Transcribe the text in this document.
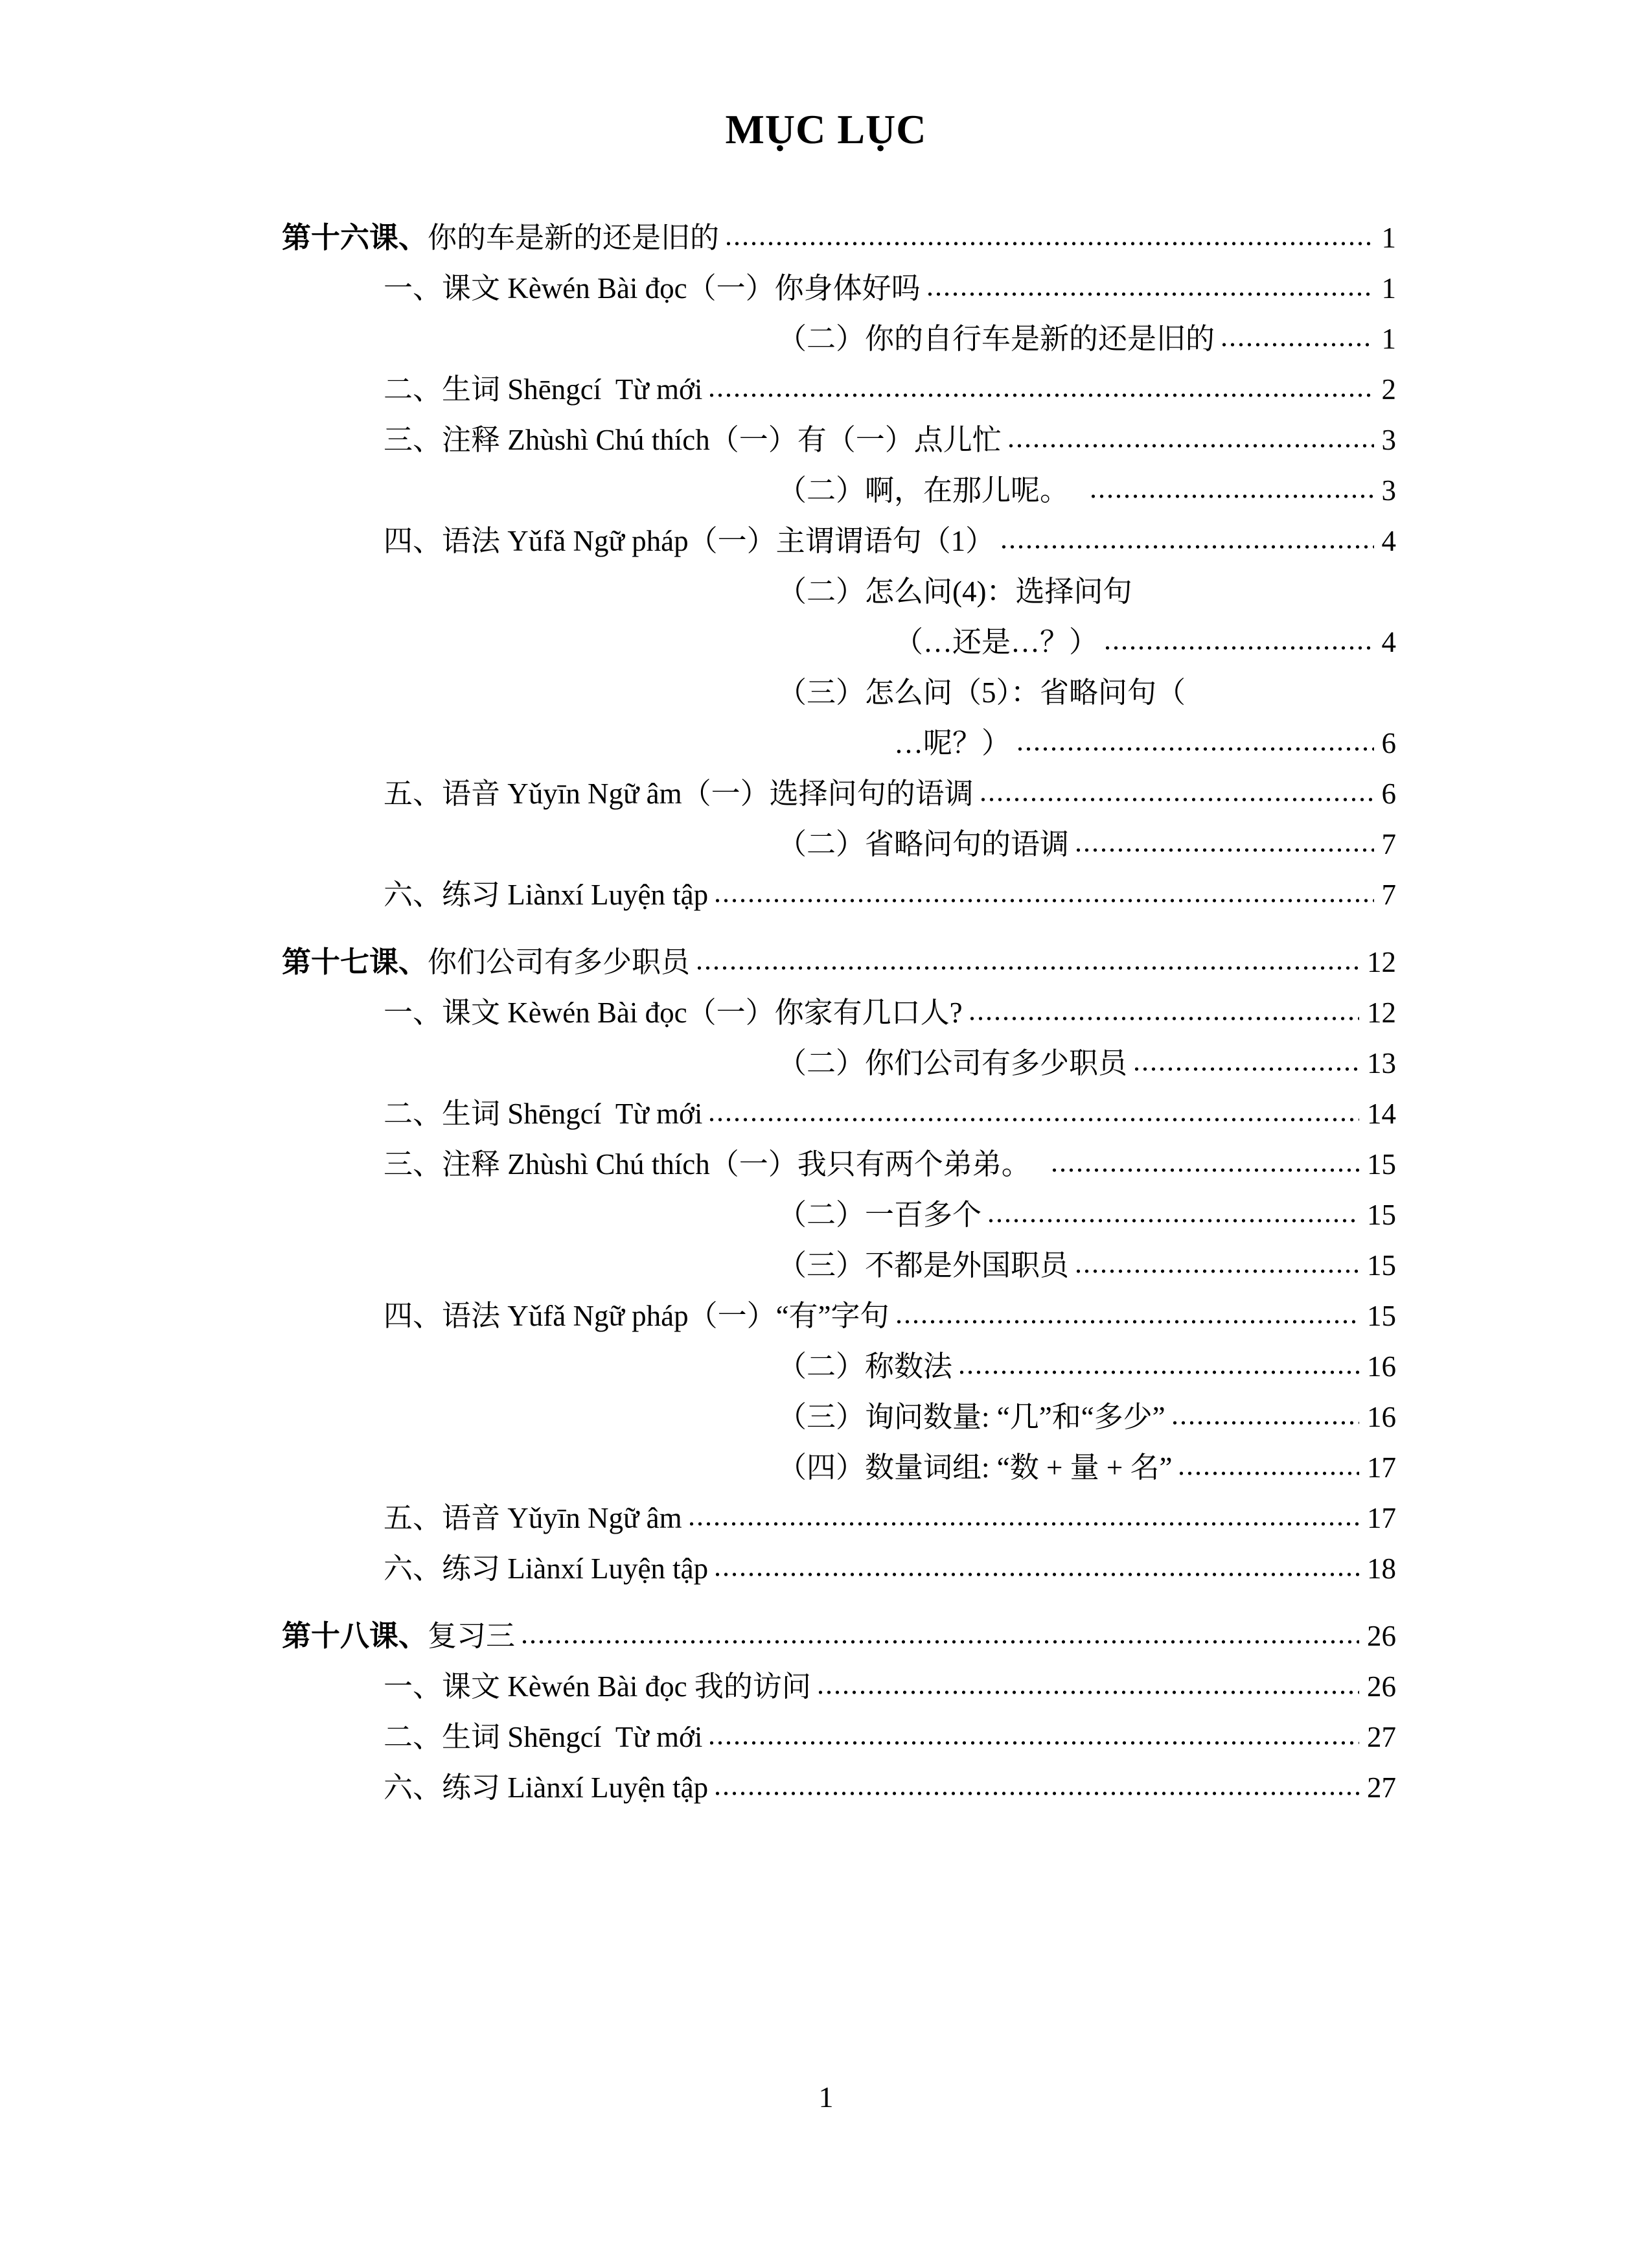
MỤC LỤC
第十六课、 你的车是新的还是旧的	1
一、课文 Kèwén Bài đọc（一）你身体好吗	1
（二）你的自行车是新的还是旧的	1
二、生词 Shēngcí  Từ mới	2
三、注释 Zhùshì Chú thích（一）有（一）点儿忙	3
（二）啊，在那儿呢。　	3
四、语法 Yǔfǎ Ngữ pháp（一）主谓谓语句（1）	4
（二）怎么问(4)：选择问句
（…还是…？）	4
（三）怎么问（5）：省略问句（
…呢？）	6
五、语音 Yǔyīn Ngữ âm（一）选择问句的语调	6
（二）省略问句的语调	7
六、练习 Liànxí Luyện tập	7
第十七课、 你们公司有多少职员	12
一、课文 Kèwén Bài đọc（一）你家有几口人?	12
（二）你们公司有多少职员	13
二、生词 Shēngcí  Từ mới	14
三、注释 Zhùshì Chú thích（一）我只有两个弟弟。　	15
（二）一百多个	15
（三）不都是外国职员	15
四、语法 Yǔfǎ Ngữ pháp（一）“有”字句	15
（二）称数法	16
（三）询问数量: “几”和“多少”	16
（四）数量词组: “数 + 量 + 名”	17
五、语音 Yǔyīn Ngữ âm	17
六、练习 Liànxí Luyện tập	18
第十八课、 复习三	26
一、课文 Kèwén Bài đọc 我的访问	26
二、生词 Shēngcí  Từ mới	27
六、练习 Liànxí Luyện tập	27
1
